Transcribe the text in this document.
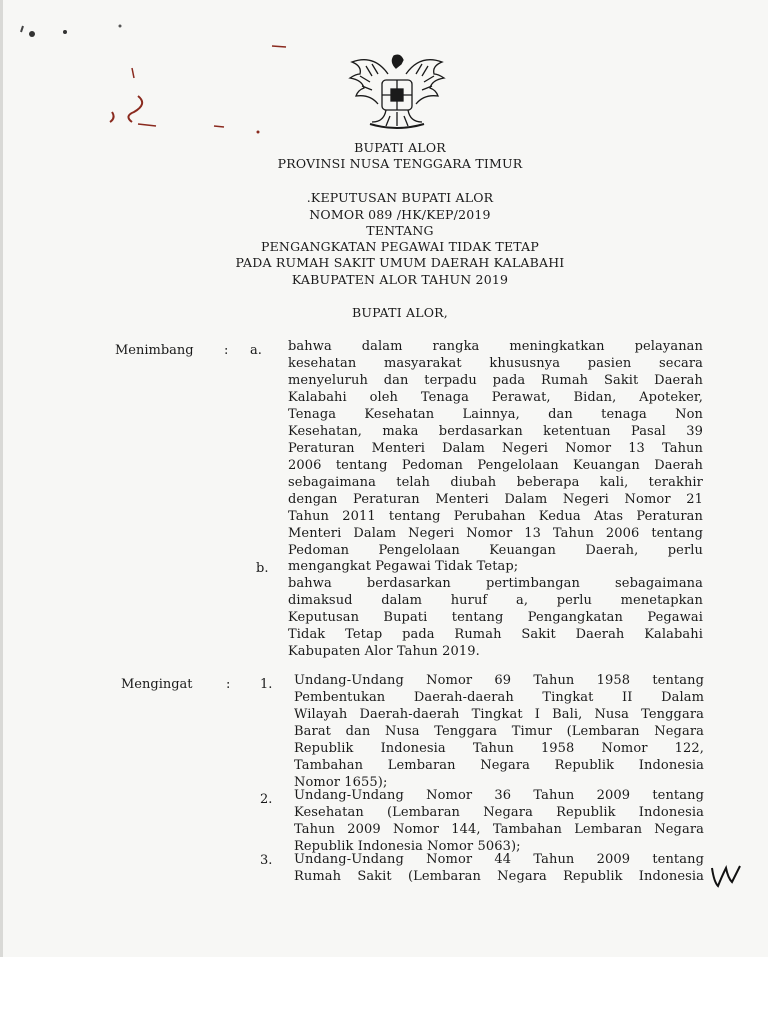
BUPATI ALOR
PROVINSI NUSA TENGGARA TIMUR
.KEPUTUSAN BUPATI ALOR
NOMOR 089 /HK/KEP/2019
TENTANG
PENGANGKATAN PEGAWAI TIDAK TETAP
PADA RUMAH SAKIT UMUM DAERAH KALABAHI
KABUPATEN ALOR TAHUN 2019
BUPATI ALOR,
Menimbang : a.
b.
bahwa dalam rangka meningkatkan pelayanan
kesehatan masyarakat khususnya pasien secara
menyeluruh dan terpadu pada Rumah Sakit Daerah
Kalabahi oleh Tenaga Perawat, Bidan, Apoteker,
Tenaga Kesehatan Lainnya, dan tenaga Non
Kesehatan, maka berdasarkan ketentuan Pasal 39
Peraturan Menteri Dalam Negeri Nomor 13 Tahun
2006 tentang Pedoman Pengelolaan Keuangan Daerah
sebagaimana telah diubah beberapa kali, terakhir
dengan Peraturan Menteri Dalam Negeri Nomor 21
Tahun 2011 tentang Perubahan Kedua Atas Peraturan
Menteri Dalam Negeri Nomor 13 Tahun 2006 tentang
Pedoman Pengelolaan Keuangan Daerah, perlu
mengangkat Pegawai Tidak Tetap;
bahwa berdasarkan pertimbangan sebagaimana
dimaksud dalam huruf a, perlu menetapkan
Keputusan Bupati tentang Pengangkatan Pegawai
Tidak Tetap pada Rumah Sakit Daerah Kalabahi
Kabupaten Alor Tahun 2019.
Mengingat	: 1.
2.
3.
Undang-Undang Nomor 69 Tahun 1958 tentang
Pembentukan Daerah-daerah Tingkat II Dalam
Wilayah Daerah-daerah Tingkat I Bali, Nusa Tenggara
Barat dan Nusa Tenggara Timur (Lembaran Negara
Republik Indonesia Tahun 1958 Nomor 122,
Tambahan Lembaran Negara Republik Indonesia
Nomor 1655);
Undang-Undang Nomor 36 Tahun 2009 tentang
Kesehatan (Lembaran Negara Republik Indonesia
Tahun 2009 Nomor 144, Tambahan Lembaran Negara
Republik Indonesia Nomor 5063);
Undang-Undang Nomor 44 Tahun 2009 tentang
Rumah Sakit (Lembaran Negara Republik Indonesia
